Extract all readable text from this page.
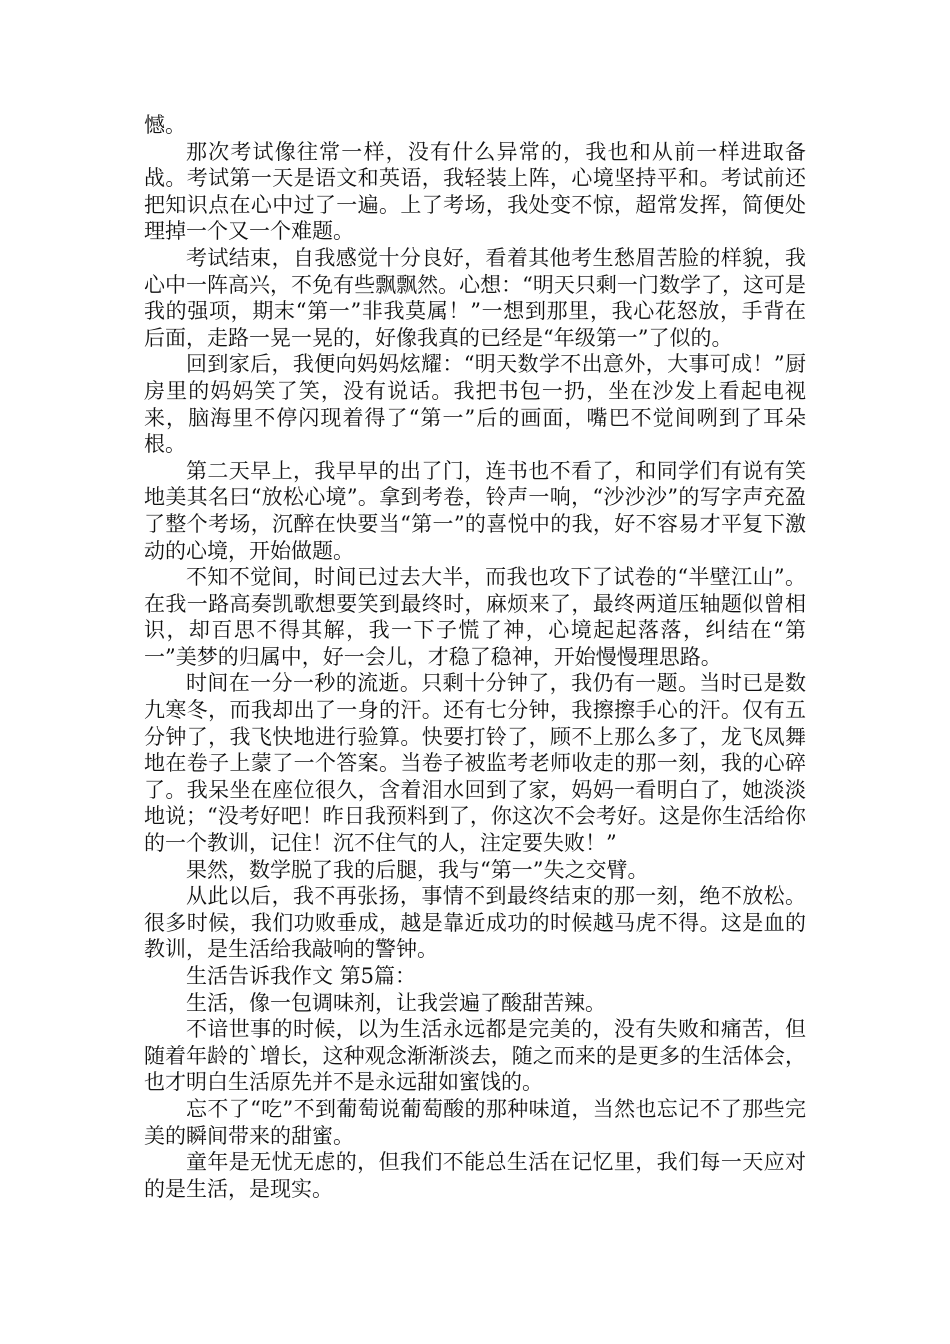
憾。

那次考试像往常一样，没有什么异常的，我也和从前一样进取备战。考试第一天是语文和英语，我轻装上阵，心境坚持平和。考试前还把知识点在心中过了一遍。上了考场，我处变不惊，超常发挥，简便处理掉一个又一个难题。

考试结束，自我感觉十分良好，看着其他考生愁眉苦脸的样貌，我心中一阵高兴，不免有些飘飘然。心想：“明天只剩一门数学了，这可是我的强项，期末“第一”非我莫属！”一想到那里，我心花怒放，手背在后面，走路一晃一晃的，好像我真的已经是“年级第一”了似的。

回到家后，我便向妈妈炫耀：“明天数学不出意外，大事可成！”厨房里的妈妈笑了笑，没有说话。我把书包一扔，坐在沙发上看起电视来，脑海里不停闪现着得了“第一”后的画面，嘴巴不觉间咧到了耳朵根。

第二天早上，我早早的出了门，连书也不看了，和同学们有说有笑地美其名曰“放松心境”。拿到考卷，铃声一响，“沙沙沙”的写字声充盈了整个考场，沉醉在快要当“第一”的喜悦中的我，好不容易才平复下激动的心境，开始做题。

不知不觉间，时间已过去大半，而我也攻下了试卷的“半壁江山”。在我一路高奏凯歌想要笑到最终时，麻烦来了，最终两道压轴题似曾相识，却百思不得其解，我一下子慌了神，心境起起落落，纠结在“第一”美梦的归属中，好一会儿，才稳了稳神，开始慢慢理思路。

时间在一分一秒的流逝。只剩十分钟了，我仍有一题。当时已是数九寒冬，而我却出了一身的汗。还有七分钟，我擦擦手心的汗。仅有五分钟了，我飞快地进行验算。快要打铃了，顾不上那么多了，龙飞凤舞地在卷子上蒙了一个答案。当卷子被监考老师收走的那一刻，我的心碎了。我呆坐在座位很久，含着泪水回到了家，妈妈一看明白了，她淡淡地说；“没考好吧！昨日我预料到了，你这次不会考好。这是你生活给你的一个教训，记住！沉不住气的人，注定要失败！”

果然，数学脱了我的后腿，我与“第一”失之交臂。

从此以后，我不再张扬，事情不到最终结束的那一刻，绝不放松。很多时候，我们功败垂成，越是靠近成功的时候越马虎不得。这是血的教训，是生活给我敲响的警钟。

生活告诉我作文 第5篇：

生活，像一包调味剂，让我尝遍了酸甜苦辣。

不谙世事的时候，以为生活永远都是完美的，没有失败和痛苦，但随着年龄的`增长，这种观念渐渐淡去，随之而来的是更多的生活体会，也才明白生活原先并不是永远甜如蜜饯的。

忘不了“吃”不到葡萄说葡萄酸的那种味道，当然也忘记不了那些完美的瞬间带来的甜蜜。

童年是无忧无虑的，但我们不能总生活在记忆里，我们每一天应对的是生活，是现实。
